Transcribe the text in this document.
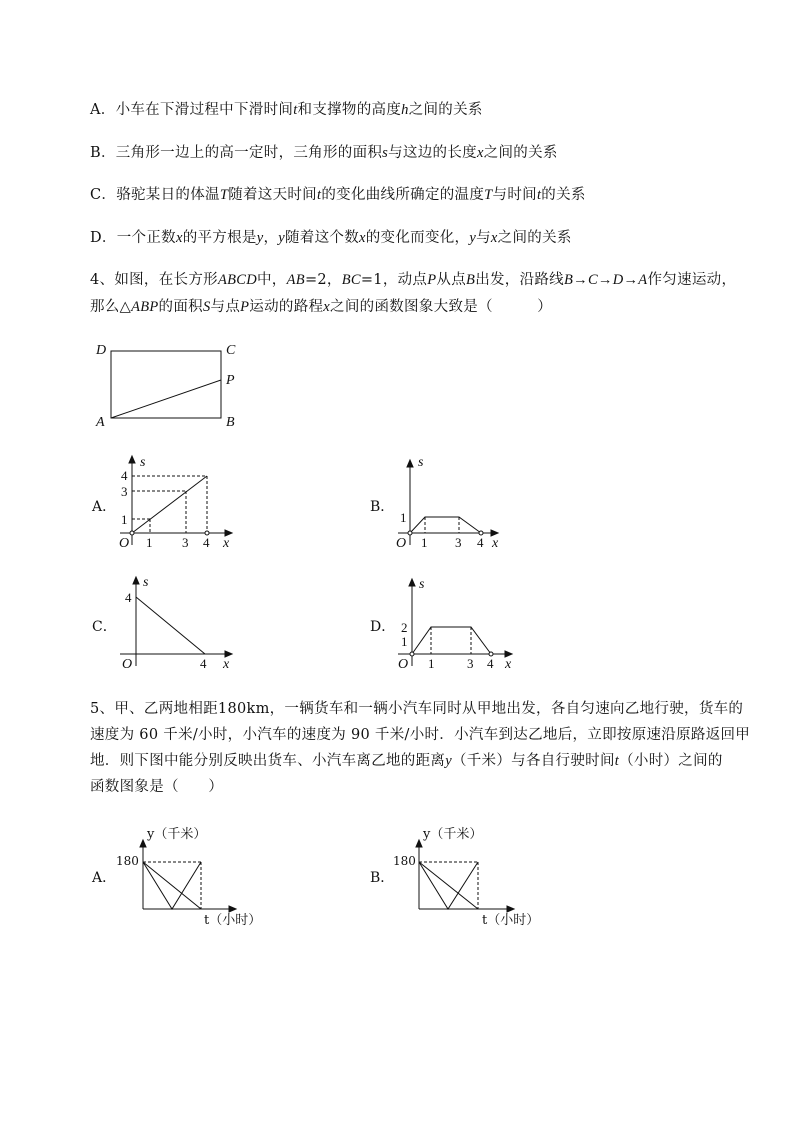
A．小车在下滑过程中下滑时间t和支撑物的高度h之间的关系
B．三角形一边上的高一定时，三角形的面积s与这边的长度x之间的关系
C．骆驼某日的体温T随着这天时间t的变化曲线所确定的温度T与时间t的关系
D．一个正数x的平方根是y，y随着这个数x的变化而变化，y与x之间的关系
4、如图，在长方形ABCD中，AB=2，BC=1，动点P从点B出发，沿路线B→C→D→A作匀速运动，
那么△ABP的面积S与点P运动的路程x之间的函数图象大致是（　　　）
D	C
P
A	B
s
4
3
1
O 1 3 4 x
s
1
O 1 3 4 x
s
4
O	4 x
s
2
1
O 1	3 4 x
A．	B．
C．	D．
5、甲、乙两地相距180km，一辆货车和一辆小汽车同时从甲地出发，各自匀速向乙地行驶，货车的
速度为 60 千米/小时，小汽车的速度为 90 千米/小时．小汽车到达乙地后，立即按原速沿原路返回甲
地．则下图中能分别反映出货车、小汽车离乙地的距离y（千米）与各自行驶时间t（小时）之间的
函数图象是（　　）
A．
y（千米）
180
t（小时）
B．
y（千米）
180
t（小时）
